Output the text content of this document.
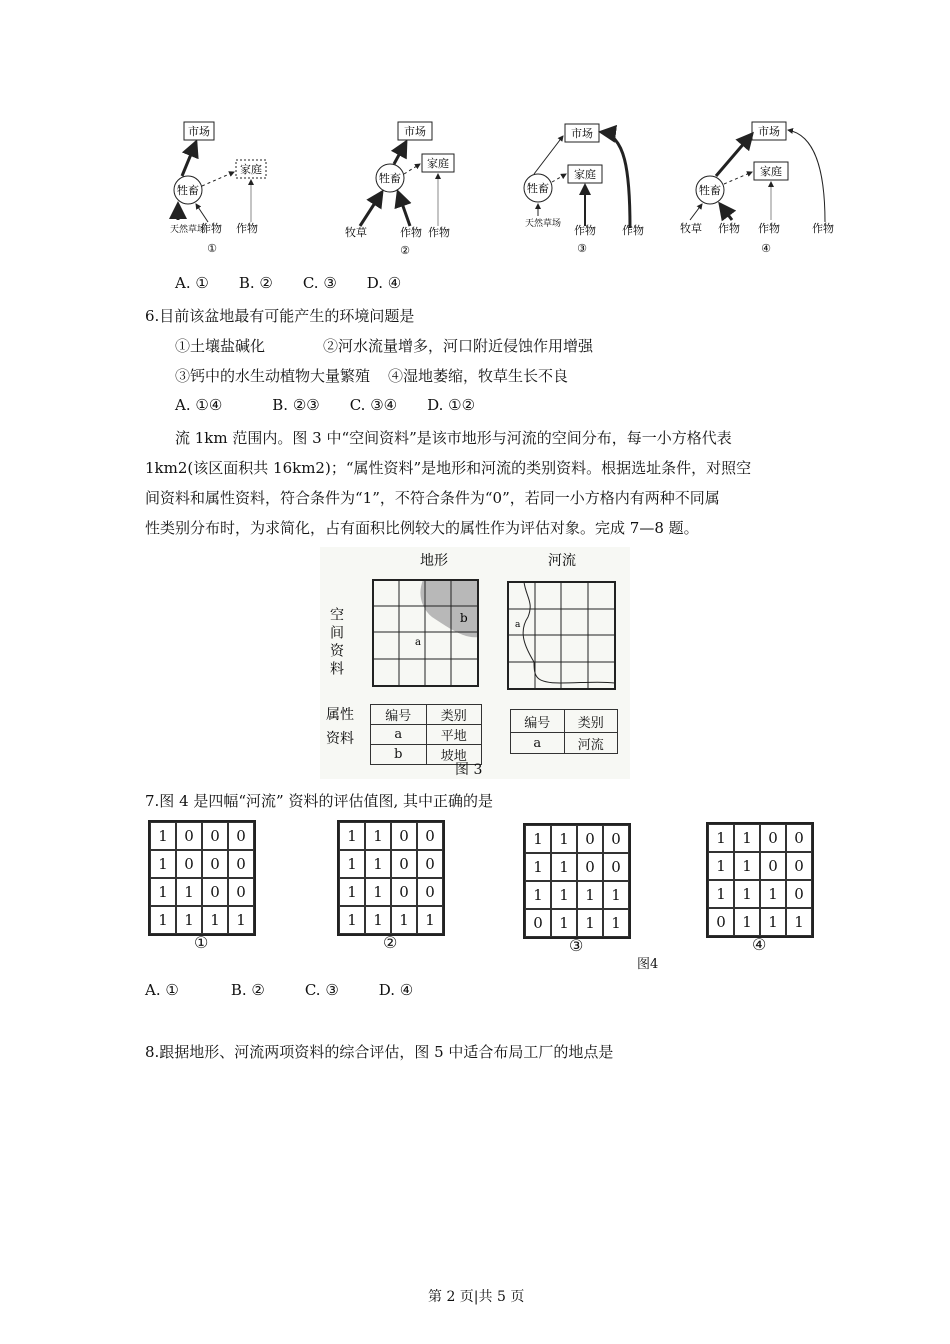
市场
家庭
牲畜
天然草场
作物 作物
①
市场
家庭
牲畜
牧草	作物 作物
②
市场
家庭
牲畜
天然草场 作物 作物
③
市场
家庭
牲畜
牧草 作物 作物	作物
④
A. ① B. ② C. ③ D. ④
6.目前该盆地最有可能产生的环境问题是
①土壤盐碱化	②河水流量增多，河口附近侵蚀作用增强
③钙中的水生动植物大量繁殖 ④湿地萎缩，牧草生长不良
A. ①④	B. ②③ C. ③④ D. ①②
流 1km 范围内。图 3 中“空间资料”是该市地形与河流的空间分布，每一小方格代表
1km2(该区面积共 16km2)；“属性资料”是地形和河流的类别资料。根据选址条件，对照空
间资料和属性资料，符合条件为“1”，不符合条件为“0”，若同一小方格内有两种不同属
性类别分布时，为求简化，占有面积比例较大的属性作为评估对象。完成 7—8 题。
地形	河流
空间资料	a
b	a
属性
资料
编号	类别
a	平地
b	坡地
编号	类别
a	河流
图 3
7.图 4 是四幅“河流” 资料的评估值图, 其中正确的是
图4
1	0	0	0
1	0	0	0
1	1	0	0
1	1	1	1
①
1	1	0	0
1	1	0	0
1	1	0	0
1	1	1	1
②
1	1	0	0
1	1	0	0
1	1	1	1
0	1	1	1
③
1	1	0	0
1	1	0	0
1	1	1	0
0	1	1	1
④
A. ①	B. ②	C. ③	D. ④
8.跟据地形、河流两项资料的综合评估，图 5 中适合布局工厂的地点是
第 2 页|共 5 页
